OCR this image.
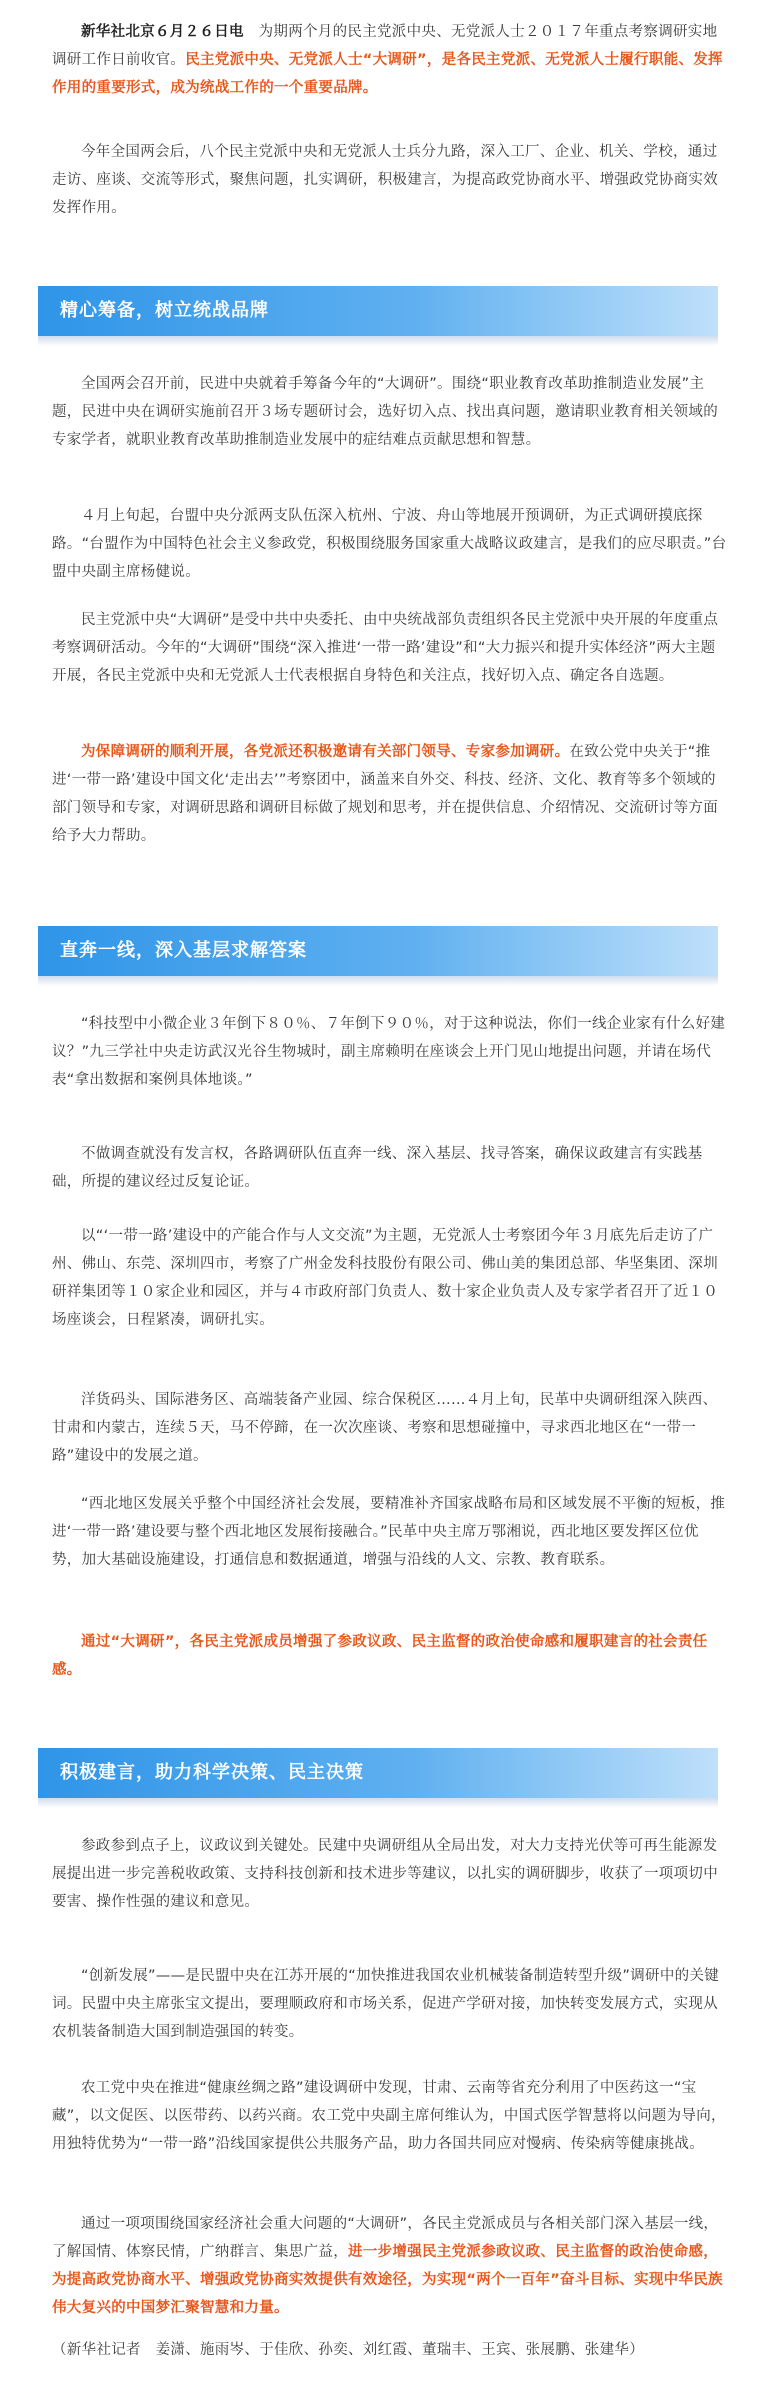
新华社北京６月２６日电　为期两个月的民主党派中央、无党派人士２０１７年重点考察调研实地调研工作日前收官。民主党派中央、无党派人士“大调研”，是各民主党派、无党派人士履行职能、发挥作用的重要形式，成为统战工作的一个重要品牌。

今年全国两会后，八个民主党派中央和无党派人士兵分九路，深入工厂、企业、机关、学校，通过走访、座谈、交流等形式，聚焦问题，扎实调研，积极建言，为提高政党协商水平、增强政党协商实效发挥作用。

精心筹备，树立统战品牌

全国两会召开前，民进中央就着手筹备今年的“大调研”。围绕“职业教育改革助推制造业发展”主题，民进中央在调研实施前召开３场专题研讨会，选好切入点、找出真问题，邀请职业教育相关领域的专家学者，就职业教育改革助推制造业发展中的症结难点贡献思想和智慧。

４月上旬起，台盟中央分派两支队伍深入杭州、宁波、舟山等地展开预调研，为正式调研摸底探路。“台盟作为中国特色社会主义参政党，积极围绕服务国家重大战略议政建言，是我们的应尽职责。”台盟中央副主席杨健说。

民主党派中央“大调研”是受中共中央委托、由中央统战部负责组织各民主党派中央开展的年度重点考察调研活动。今年的“大调研”围绕“深入推进‘一带一路’建设”和“大力振兴和提升实体经济”两大主题开展，各民主党派中央和无党派人士代表根据自身特色和关注点，找好切入点、确定各自选题。

为保障调研的顺利开展，各党派还积极邀请有关部门领导、专家参加调研。在致公党中央关于“推进‘一带一路’建设中国文化‘走出去’”考察团中，涵盖来自外交、科技、经济、文化、教育等多个领域的部门领导和专家，对调研思路和调研目标做了规划和思考，并在提供信息、介绍情况、交流研讨等方面给予大力帮助。

直奔一线，深入基层求解答案

“科技型中小微企业３年倒下８０％、７年倒下９０％，对于这种说法，你们一线企业家有什么好建议？”九三学社中央走访武汉光谷生物城时，副主席赖明在座谈会上开门见山地提出问题，并请在场代表“拿出数据和案例具体地谈。”

不做调查就没有发言权，各路调研队伍直奔一线、深入基层、找寻答案，确保议政建言有实践基础，所提的建议经过反复论证。

以“‘一带一路’建设中的产能合作与人文交流”为主题，无党派人士考察团今年３月底先后走访了广州、佛山、东莞、深圳四市，考察了广州金发科技股份有限公司、佛山美的集团总部、华坚集团、深圳研祥集团等１０家企业和园区，并与４市政府部门负责人、数十家企业负责人及专家学者召开了近１０场座谈会，日程紧凑，调研扎实。

洋货码头、国际港务区、高端装备产业园、综合保税区……４月上旬，民革中央调研组深入陕西、甘肃和内蒙古，连续５天，马不停蹄，在一次次座谈、考察和思想碰撞中，寻求西北地区在“一带一路”建设中的发展之道。

“西北地区发展关乎整个中国经济社会发展，要精准补齐国家战略布局和区域发展不平衡的短板，推进‘一带一路’建设要与整个西北地区发展衔接融合。”民革中央主席万鄂湘说，西北地区要发挥区位优势，加大基础设施建设，打通信息和数据通道，增强与沿线的人文、宗教、教育联系。

通过“大调研”，各民主党派成员增强了参政议政、民主监督的政治使命感和履职建言的社会责任感。

积极建言，助力科学决策、民主决策

参政参到点子上，议政议到关键处。民建中央调研组从全局出发，对大力支持光伏等可再生能源发展提出进一步完善税收政策、支持科技创新和技术进步等建议，以扎实的调研脚步，收获了一项项切中要害、操作性强的建议和意见。

“创新发展”——是民盟中央在江苏开展的“加快推进我国农业机械装备制造转型升级”调研中的关键词。民盟中央主席张宝文提出，要理顺政府和市场关系，促进产学研对接，加快转变发展方式，实现从农机装备制造大国到制造强国的转变。

农工党中央在推进“健康丝绸之路”建设调研中发现，甘肃、云南等省充分利用了中医药这一“宝藏”，以文促医、以医带药、以药兴商。农工党中央副主席何维认为，中国式医学智慧将以问题为导向，用独特优势为“一带一路”沿线国家提供公共服务产品，助力各国共同应对慢病、传染病等健康挑战。

通过一项项围绕国家经济社会重大问题的“大调研”，各民主党派成员与各相关部门深入基层一线，了解国情、体察民情，广纳群言、集思广益，进一步增强民主党派参政议政、民主监督的政治使命感，为提高政党协商水平、增强政党协商实效提供有效途径，为实现“两个一百年”奋斗目标、实现中华民族伟大复兴的中国梦汇聚智慧和力量。

（新华社记者　姜潇、施雨岑、于佳欣、孙奕、刘红霞、董瑞丰、王宾、张展鹏、张建华）
